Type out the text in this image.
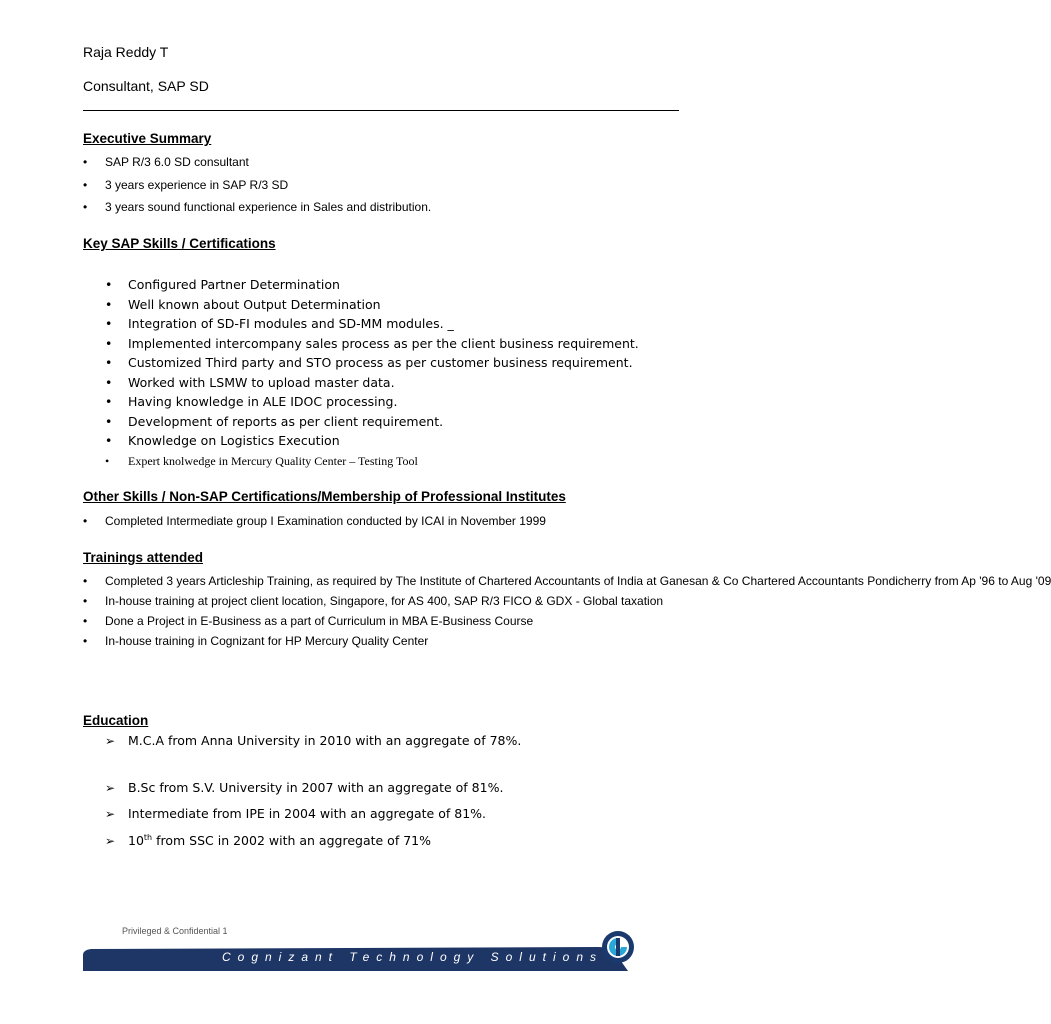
Raja Reddy T
Consultant, SAP SD
Executive Summary
• SAP R/3 6.0 SD consultant
• 3 years experience in SAP R/3 SD
• 3 years sound functional experience in Sales and distribution.
Key SAP Skills / Certifications
• Configured Partner Determination
• Well known about Output Determination
• Integration of SD-FI modules and SD-MM modules. _
• Implemented intercompany sales process as per the client business requirement.
• Customized Third party and STO process as per customer business requirement.
• Worked with LSMW to upload master data.
• Having knowledge in ALE IDOC processing.
• Development of reports as per client requirement.
• Knowledge on Logistics Execution
• Expert knolwedge in Mercury Quality Center – Testing Tool
Other Skills / Non-SAP Certifications/Membership of Professional Institutes
• Completed Intermediate group I Examination conducted by ICAI in November 1999
Trainings attended
• Completed 3 years Articleship Training, as required by The Institute of Chartered Accountants of India at Ganesan & Co Chartered Accountants Pondicherry from Ap '96 to Aug '09
• In-house training at project client location, Singapore, for AS 400, SAP R/3 FICO & GDX - Global taxation
• Done a Project in E-Business as a part of Curriculum in MBA E-Business Course
• In-house training in Cognizant for HP Mercury Quality Center
Education
➢ M.C.A from Anna University in 2010 with an aggregate of 78%.
➢ B.Sc from S.V. University in 2007 with an aggregate of 81%.
➢ Intermediate from IPE in 2004 with an aggregate of 81%.
➢ 10th from SSC in 2002 with an aggregate of 71%
Privileged & Confidential 1
Cognizant Technology Solutions
